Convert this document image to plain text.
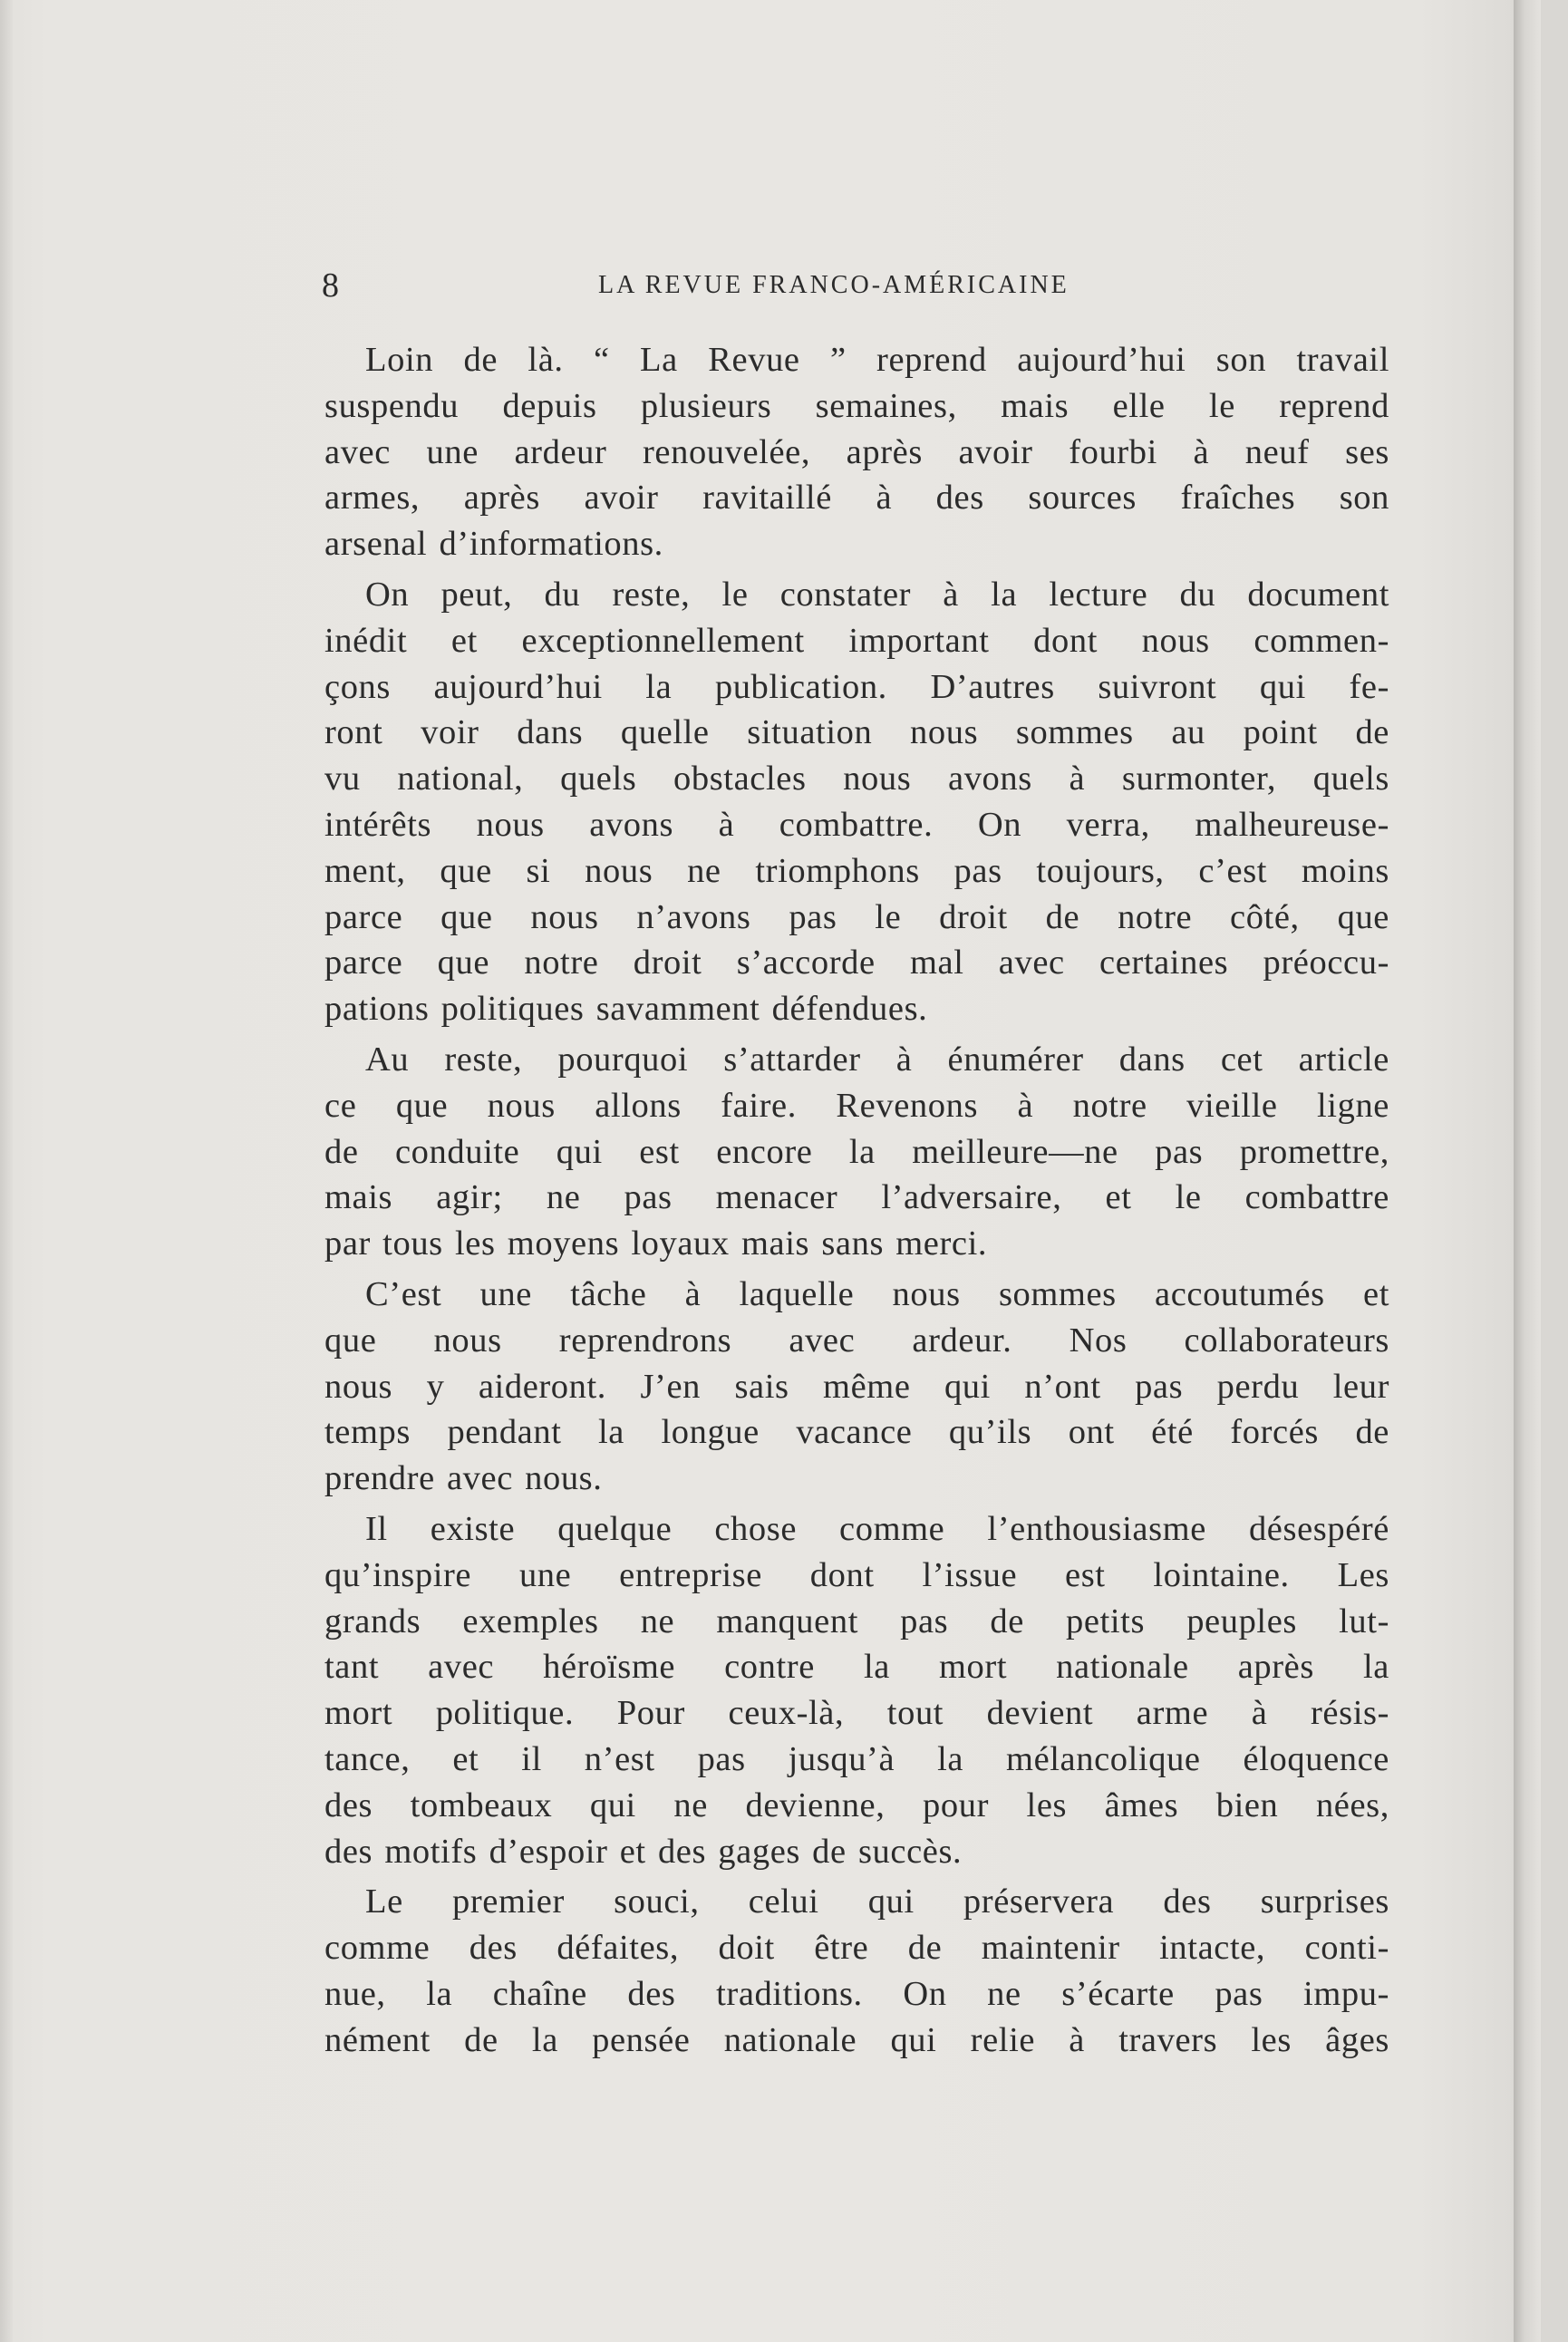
8	LA REVUE FRANCO-AMÉRICAINE
Loin de là. “ La Revue ” reprend aujourd’hui son travail
suspendu depuis plusieurs semaines, mais elle le reprend
avec une ardeur renouvelée, après avoir fourbi à neuf ses
armes, après avoir ravitaillé à des sources fraîches son
arsenal d’informations.
On peut, du reste, le constater à la lecture du document
inédit et exceptionnellement important dont nous commen-
çons aujourd’hui la publication. D’autres suivront qui fe-
ront voir dans quelle situation nous sommes au point de
vu national, quels obstacles nous avons à surmonter, quels
intérêts nous avons à combattre. On verra, malheureuse-
ment, que si nous ne triomphons pas toujours, c’est moins
parce que nous n’avons pas le droit de notre côté, que
parce que notre droit s’accorde mal avec certaines préoccu-
pations politiques savamment défendues.
Au reste, pourquoi s’attarder à énumérer dans cet article
ce que nous allons faire. Revenons à notre vieille ligne
de conduite qui est encore la meilleure—ne pas promettre,
mais agir; ne pas menacer l’adversaire, et le combattre
par tous les moyens loyaux mais sans merci.
C’est une tâche à laquelle nous sommes accoutumés et
que nous reprendrons avec ardeur. Nos collaborateurs
nous y aideront. J’en sais même qui n’ont pas perdu leur
temps pendant la longue vacance qu’ils ont été forcés de
prendre avec nous.
Il existe quelque chose comme l’enthousiasme désespéré
qu’inspire une entreprise dont l’issue est lointaine. Les
grands exemples ne manquent pas de petits peuples lut-
tant avec héroïsme contre la mort nationale après la
mort politique. Pour ceux-là, tout devient arme à résis-
tance, et il n’est pas jusqu’à la mélancolique éloquence
des tombeaux qui ne devienne, pour les âmes bien nées,
des motifs d’espoir et des gages de succès.
Le premier souci, celui qui préservera des surprises
comme des défaites, doit être de maintenir intacte, conti-
nue, la chaîne des traditions. On ne s’écarte pas impu-
nément de la pensée nationale qui relie à travers les âges
